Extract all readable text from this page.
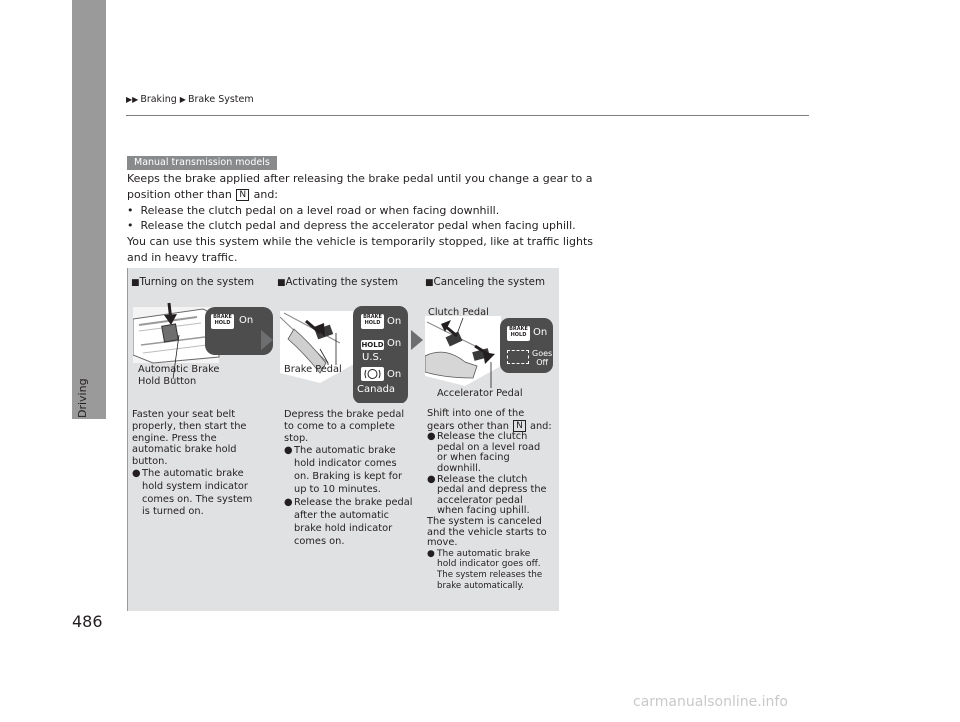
▶▶ Braking ▶ Brake System
Driving
486
Manual transmission models
Keeps the brake applied after releasing the brake pedal until you change a gear to a
position other than N and:
•  Release the clutch pedal on a level road or when facing downhill.
•  Release the clutch pedal and depress the accelerator pedal when facing uphill.
You can use this system while the vehicle is temporarily stopped, like at traffic lights
and in heavy traffic.
■Turning on the system	■Activating the system	■Canceling the system
BRAKE
HOLD On
Automatic Brake
Hold Button
BRAKE
HOLD On
HOLD On
U.S.
On
Canada
Brake Pedal
BRAKE
HOLD On
Goes
Off
Clutch Pedal
Accelerator Pedal
Fasten your seat belt
properly, then start the
engine. Press the
automatic brake hold
button.
●The automatic brake
hold system indicator
comes on. The system
is turned on.
Depress the brake pedal
to come to a complete
stop.
●The automatic brake
hold indicator comes
on. Braking is kept for
up to 10 minutes.
●Release the brake pedal
after the automatic
brake hold indicator
comes on.
Shift into one of the
gears other than N and:
●Release the clutch
pedal on a level road
or when facing
downhill.
●Release the clutch
pedal and depress the
accelerator pedal
when facing uphill.
The system is canceled
and the vehicle starts to
move.
● The automatic brake
hold indicator goes off.
The system releases the
brake automatically.
carmanualsonline.info
